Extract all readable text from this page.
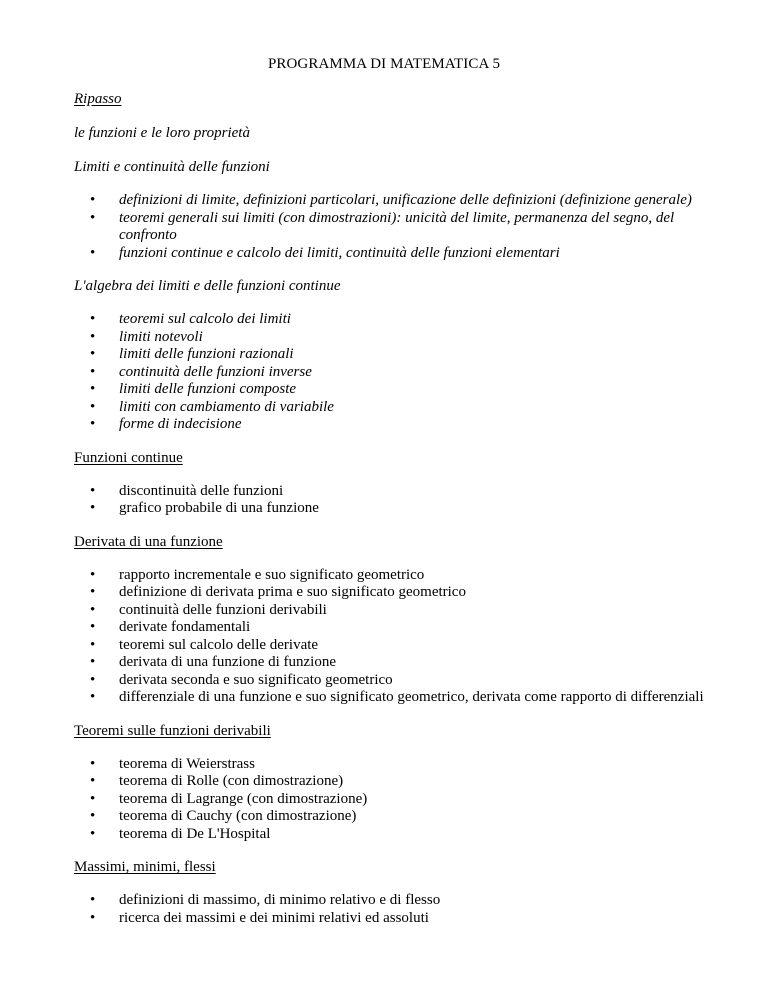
PROGRAMMA DI MATEMATICA 5

Ripasso

le funzioni e le loro proprietà

Limiti e continuità delle funzioni

• definizioni di limite, definizioni particolari, unificazione delle definizioni (definizione generale)
• teoremi generali sui limiti (con dimostrazioni): unicità del limite, permanenza del segno, del confronto
• funzioni continue e calcolo dei limiti, continuità delle funzioni elementari

L'algebra dei limiti e delle funzioni continue

• teoremi sul calcolo dei limiti
• limiti notevoli
• limiti delle funzioni razionali
• continuità delle funzioni inverse
• limiti delle funzioni composte
• limiti con cambiamento di variabile
• forme di indecisione

Funzioni continue

• discontinuità delle funzioni
• grafico probabile di una funzione

Derivata di una funzione

• rapporto incrementale e suo significato geometrico
• definizione di derivata prima e suo significato geometrico
• continuità delle funzioni derivabili
• derivate fondamentali
• teoremi sul calcolo delle derivate
• derivata di una funzione di funzione
• derivata seconda e suo significato geometrico
• differenziale di una funzione e suo significato geometrico, derivata come rapporto di differenziali

Teoremi sulle funzioni derivabili

• teorema di Weierstrass
• teorema di Rolle (con dimostrazione)
• teorema di Lagrange (con dimostrazione)
• teorema di Cauchy (con dimostrazione)
• teorema di De L'Hospital

Massimi, minimi, flessi

• definizioni di massimo, di minimo relativo e di flesso
• ricerca dei massimi e dei minimi relativi ed assoluti
